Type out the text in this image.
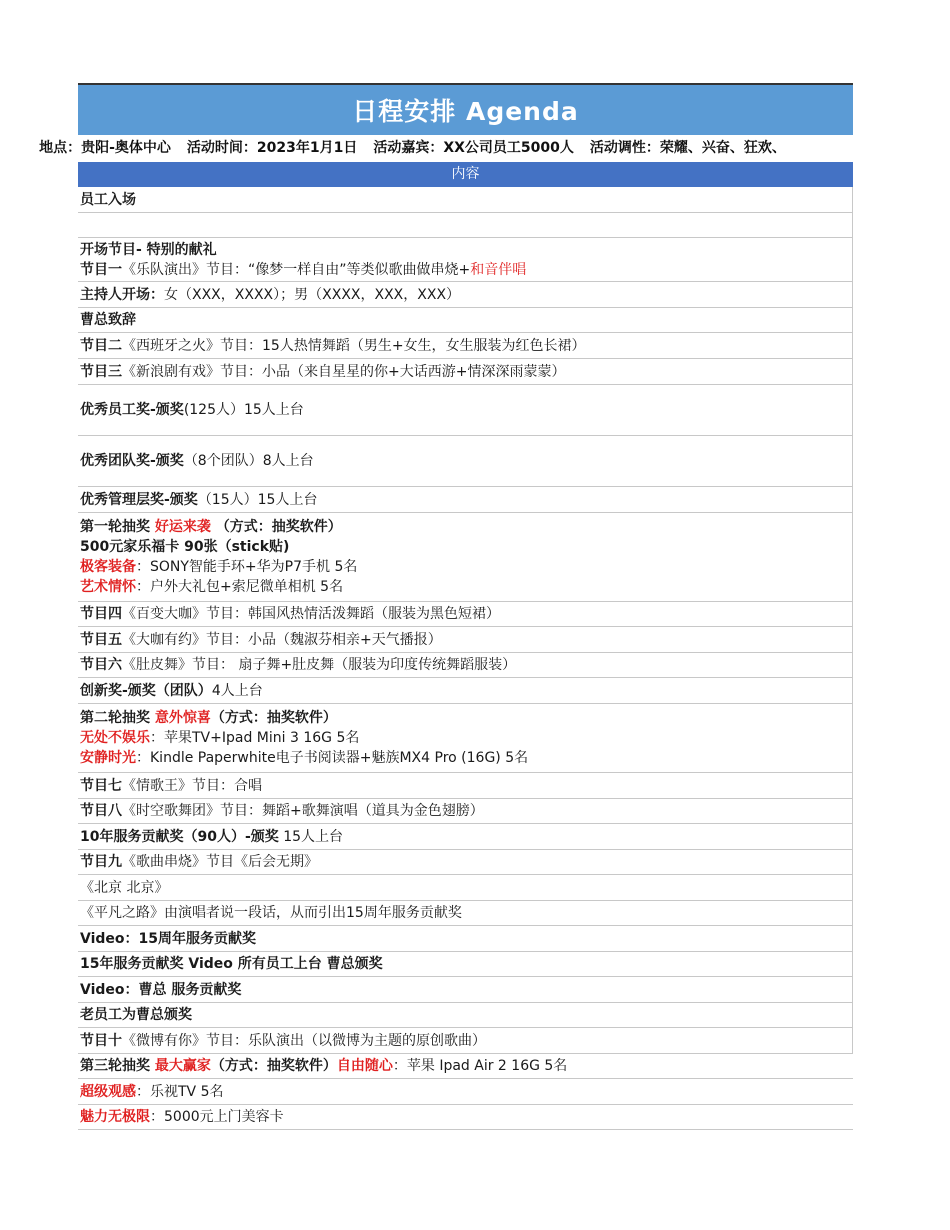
日程安排 Agenda
地点：贵阳-奥体中心 活动时间：2023年1月1日 活动嘉宾：XX公司员工5000人 活动调性：荣耀、兴奋、狂欢、
内容
员工入场
开场节目- 特别的献礼
节目一《乐队演出》节目：“像梦一样自由”等类似歌曲做串烧+和音伴唱
主持人开场：女（XXX，XXXX）；男（XXXX，XXX，XXX）
曹总致辞
节目二《西班牙之火》节目：15人热情舞蹈（男生+女生，女生服装为红色长裙）
节目三《新浪剧有戏》节目：小品（来自星星的你+大话西游+情深深雨蒙蒙）
优秀员工奖-颁奖(125人）15人上台
优秀团队奖-颁奖（8个团队）8人上台
优秀管理层奖-颁奖（15人）15人上台
第一轮抽奖 好运来袭 （方式：抽奖软件）
500元家乐福卡 90张（stick贴)
极客装备：SONY智能手环+华为P7手机 5名
艺术情怀：户外大礼包+索尼微单相机 5名
节目四《百变大咖》节目：韩国风热情活泼舞蹈（服装为黑色短裙）
节目五《大咖有约》节目：小品（魏淑芬相亲+天气播报）
节目六《肚皮舞》节目： 扇子舞+肚皮舞（服装为印度传统舞蹈服装）
创新奖-颁奖（团队）4人上台
第二轮抽奖 意外惊喜（方式：抽奖软件）
无处不娱乐：苹果TV+Ipad Mini 3 16G 5名
安静时光：Kindle Paperwhite电子书阅读器+魅族MX4 Pro (16G) 5名
节目七《情歌王》节目：合唱
节目八《时空歌舞团》节目：舞蹈+歌舞演唱（道具为金色翅膀）
10年服务贡献奖（90人）-颁奖 15人上台
节目九《歌曲串烧》节目《后会无期》
《北京 北京》
《平凡之路》由演唱者说一段话，从而引出15周年服务贡献奖
Video：15周年服务贡献奖
15年服务贡献奖 Video 所有员工上台 曹总颁奖
Video：曹总 服务贡献奖
老员工为曹总颁奖
节目十《微博有你》节目：乐队演出（以微博为主题的原创歌曲）
第三轮抽奖 最大赢家（方式：抽奖软件）自由随心：苹果 Ipad Air 2 16G 5名
超级观感：乐视TV 5名
魅力无极限：5000元上门美容卡
